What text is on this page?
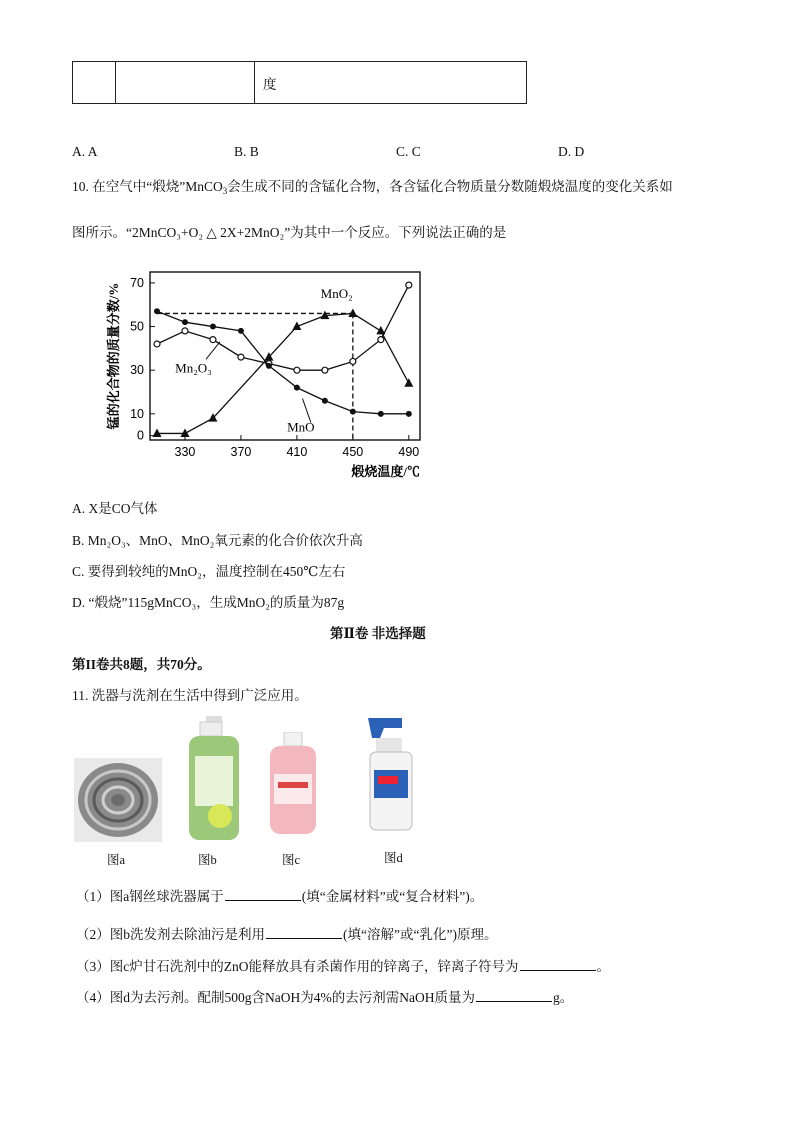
		度
A. A	B. B	C. C	D. D
10. 在空气中“煅烧”MnCO$_3$会生成不同的含锰化合物，各含锰化合物质量分数随煅烧温度的变化关系如
图所示。“2MnCO₃+O₂ △ 2X+2MnO₂”为其中一个反应。下列说法正确的是
0
10
30
50
70
330	370	410	450	490
煅烧温度/℃
锰的化合物的质量分数/%	MnO₂
Mn₂O₃
MnO
A. X是CO气体
B. Mn₂O₃、MnO、MnO₂氧元素的化合价依次升高
C. 要得到较纯的MnO₂，温度控制在450℃左右
D. “煅烧”115gMnCO₃，生成MnO₂的质量为87g
第Ⅱ卷 非选择题
第II卷共8题，共70分。
11. 洗器与洗剂在生活中得到广泛应用。
图a	图b	图c	图d
（1）图a钢丝球洗器属于	(填“金属材料”或“复合材料”)。
（2）图b洗发剂去除油污是利用	(填“溶解”或“乳化”)原理。
（3）图c炉甘石洗剂中的ZnO能释放具有杀菌作用的锌离子，锌离子符号为	。
（4）图d为去污剂。配制500g含NaOH为4%的去污剂需NaOH质量为	g。
